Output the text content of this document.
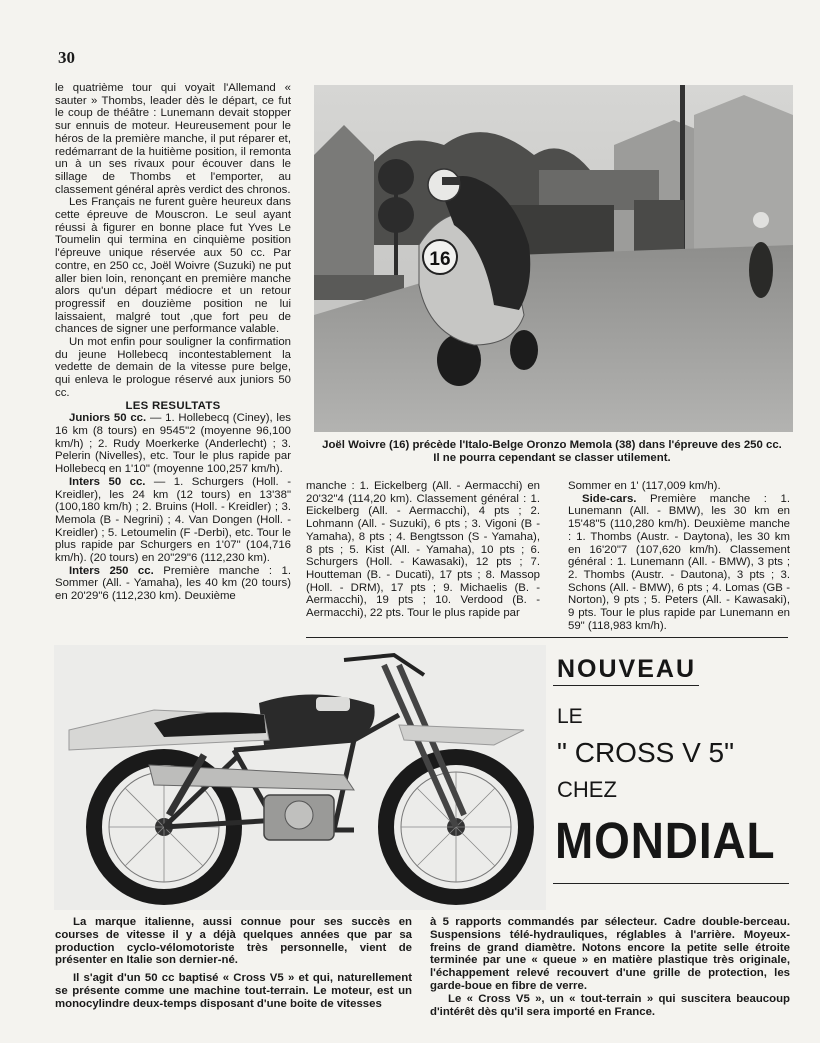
30

le quatrième tour qui voyait l'Allemand « sauter » Thombs, leader dès le départ, ce fut le coup de théâtre : Lunemann devait stopper sur ennuis de moteur. Heureusement pour le héros de la première manche, il put réparer et, redémarrant de la huitième position, il remonta un à un ses rivaux pour écouver dans le sillage de Thombs et l'emporter, au classement général après verdict des chronos.

Les Français ne furent guère heureux dans cette épreuve de Mouscron. Le seul ayant réussi à figurer en bonne place fut Yves Le Toumelin qui termina en cinquième position l'épreuve unique réservée aux 50 cc. Par contre, en 250 cc, Joël Woivre (Suzuki) ne put aller bien loin, renonçant en première manche alors qu'un départ médiocre et un retour progressif en douzième position ne lui laissaient, malgré tout ,que fort peu de chances de signer une performance valable.

Un mot enfin pour souligner la confirmation du jeune Hollebecq incontestablement la vedette de demain de la vitesse pure belge, qui enleva le prologue réservé aux juniors 50 cc.

LES RESULTATS

Juniors 50 cc. — 1. Hollebecq (Ciney), les 16 km (8 tours) en 9545"2 (moyenne 96,100 km/h) ; 2. Rudy Moerkerke (Anderlecht) ; 3. Pelerin (Nivelles), etc. Tour le plus rapide par Hollebecq en 1'10" (moyenne 100,257 km/h).

Inters 50 cc. — 1. Schurgers (Holl. - Kreidler), les 24 km (12 tours) en 13'38" (100,180 km/h) ; 2. Bruins (Holl. - Kreidler) ; 3. Memola (B - Negrini) ; 4. Van Dongen (Holl. - Kreidler) ; 5. Letoumelin (F -Derbi), etc. Tour le plus rapide par Schurgers en 1'07" (104,716 km/h). (20 tours) en 20"29"6 (112,230 km).

Inters 250 cc. Première manche : 1. Sommer (All. - Yamaha), les 40 km (20 tours) en 20'29"6 (112,230 km). Deuxième

16
Joël Woivre (16) précède l'Italo-Belge Oronzo Memola (38) dans l'épreuve des 250 cc.
Il ne pourra cependant se classer utilement.

manche : 1. Eickelberg (All. - Aermacchi) en 20'32"4 (114,20 km). Classement général : 1. Eickelberg (All. - Aermacchi), 4 pts ; 2. Lohmann (All. - Suzuki), 6 pts ; 3. Vigoni (B - Yamaha), 8 pts ; 4. Bengtsson (S - Yamaha), 8 pts ; 5. Kist (All. - Yamaha), 10 pts ; 6. Schurgers (Holl. - Kawasaki), 12 pts ; 7. Houtteman (B. - Ducati), 17 pts ; 8. Massop (Holl. - DRM), 17 pts ; 9. Michaelis (B. - Aermacchi), 19 pts ; 10. Verdood (B. - Aermacchi), 22 pts. Tour le plus rapide par

Sommer en 1' (117,009 km/h).

Side-cars. Première manche : 1. Lunemann (All. - BMW), les 30 km en 15'48"5 (110,280 km/h). Deuxième manche : 1. Thombs (Austr. - Daytona), les 30 km en 16'20"7 (107,620 km/h). Classement général : 1. Lunemann (All. - BMW), 3 pts ; 2. Thombs (Austr. - Dautona), 3 pts ; 3. Schons (All. - BMW), 6 pts ; 4. Lomas (GB - Norton), 9 pts ; 5. Peters (All. - Kawasaki), 9 pts. Tour le plus rapide par Lunemann en 59" (118,983 km/h).

NOUVEAU
LE
" CROSS V 5"
CHEZ
MONDIAL

La marque italienne, aussi connue pour ses succès en courses de vitesse il y a déjà quelques années que par sa production cyclo-vélomotoriste très personnelle, vient de présenter en Italie son dernier-né.

Il s'agit d'un 50 cc baptisé « Cross V5 » et qui, naturellement se présente comme une machine tout-terrain. Le moteur, est un monocylindre deux-temps disposant d'une boite de vitesses

à 5 rapports commandés par sélecteur. Cadre double-berceau. Suspensions télé-hydrauliques, réglables à l'arrière. Moyeux-freins de grand diamètre. Notons encore la petite selle étroite terminée par une « queue » en matière plastique très originale, l'échappement relevé recouvert d'une grille de protection, les garde-boue en fibre de verre.

Le « Cross V5 », un « tout-terrain » qui suscitera beaucoup d'intérêt dès qu'il sera importé en France.
